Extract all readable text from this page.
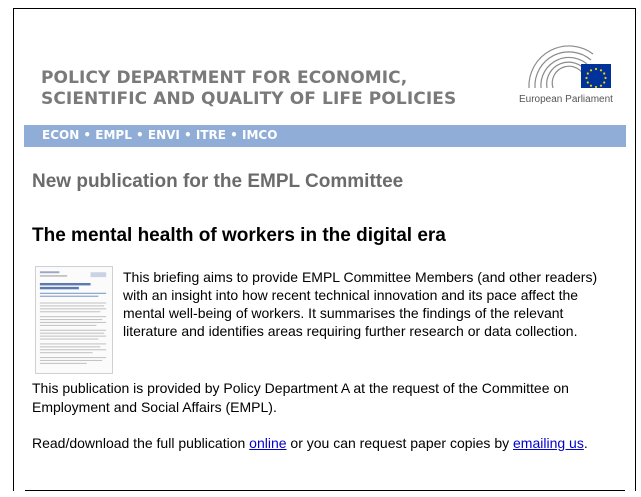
POLICY DEPARTMENT FOR ECONOMIC,
SCIENTIFIC AND QUALITY OF LIFE POLICIES	European Parliament
ECON • EMPL • ENVI • ITRE • IMCO
New publication for the EMPL Committee
The mental health of workers in the digital era
This briefing aims to provide EMPL Committee Members (and other readers) with an insight into how recent technical innovation and its pace affect the mental well-being of workers. It summarises the findings of the relevant literature and identifies areas requiring further research or data collection.
This publication is provided by Policy Department A at the request of the Committee on Employment and Social Affairs (EMPL).
Read/download the full publication online or you can request paper copies by emailing us.
